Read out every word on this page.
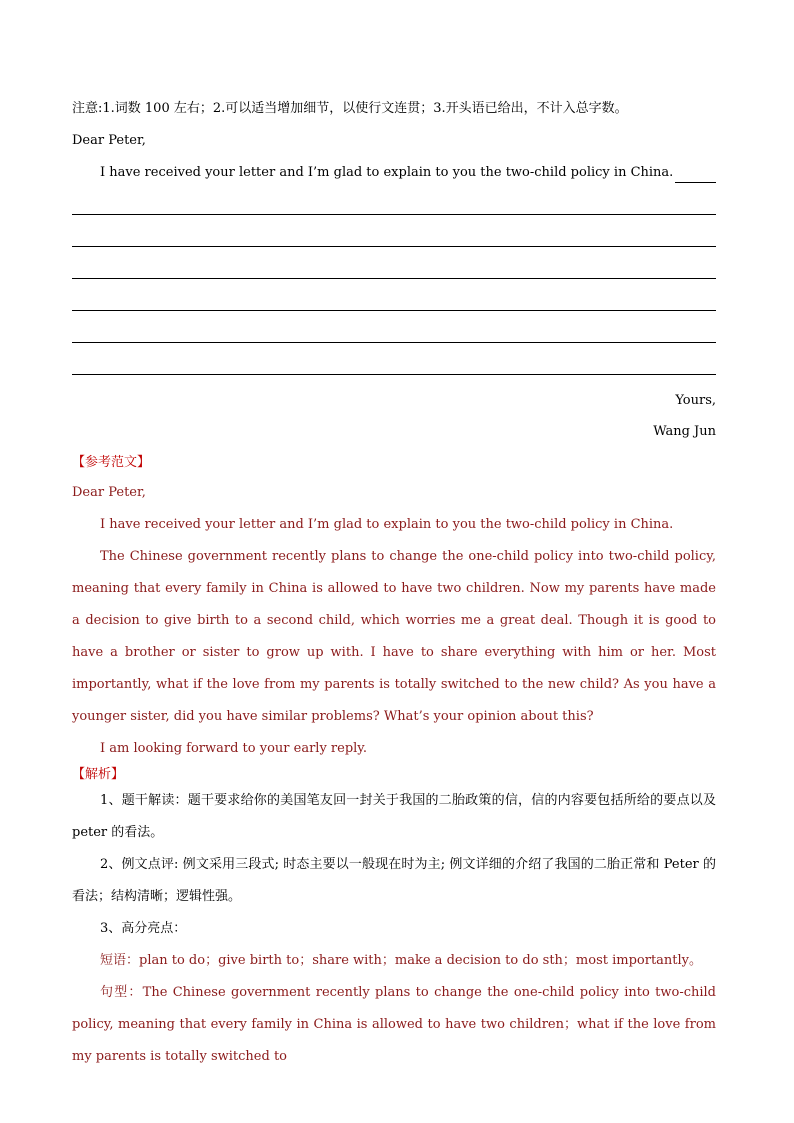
注意:1.词数 100 左右；2.可以适当增加细节，以使行文连贯；3.开头语已给出，不计入总字数。
Dear Peter,
I have received your letter and I’m glad to explain to you the two-child policy in China.
Yours,
Wang Jun
【参考范文】
Dear Peter,
I have received your letter and I’m glad to explain to you the two-child policy in China.
The Chinese government recently plans to change the one-child policy into two-child policy, meaning that every family in China is allowed to have two children. Now my parents have made a decision to give birth to a second child, which worries me a great deal. Though it is good to have a brother or sister to grow up with. I have to share everything with him or her. Most importantly, what if the love from my parents is totally switched to the new child? As you have a younger sister, did you have similar problems? What’s your opinion about this?
I am looking forward to your early reply.
【解析】
1、题干解读：题干要求给你的美国笔友回一封关于我国的二胎政策的信，信的内容要包括所给的要点以及 peter 的看法。
2、例文点评: 例文采用三段式; 时态主要以一般现在时为主; 例文详细的介绍了我国的二胎正常和 Peter 的看法；结构清晰；逻辑性强。
3、高分亮点：
短语：plan to do；give birth to；share with；make a decision to do sth；most importantly。
句型：The Chinese government recently plans to change the one-child policy into two-child policy, meaning that every family in China is allowed to have two children；what if the love from my parents is totally switched to
